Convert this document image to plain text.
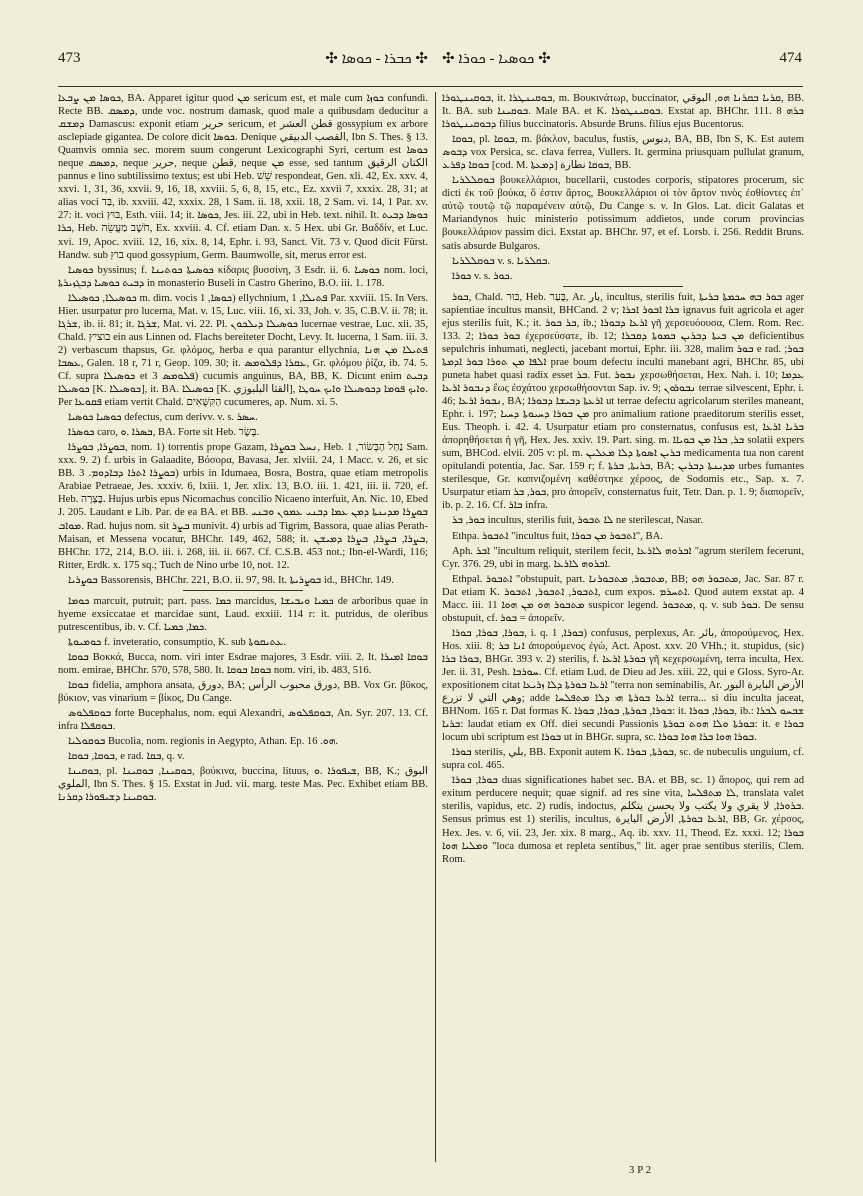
473	✣ ܟܒܪܐ - ܟܘܣܐ ✣ ✣ ܟܘܣܝܐ - ܟܘܪܐ ✣	474

ܟܘܣܐ ܡܢ ܨܒܥܐ, BA. Apparet igitur quod ܡܢ sericum est, et male cum ܟܘܙܐ confundi. Recte BB. ܕܡܣܩ, unde voc. nostrum damask, quod male a quibusdam deducitur a ܕܡܫܩ Damascus: exponit etiam حرير sericum, et قطن العشر gossypium ex arbore asclepiade gigantea. De colore dicit ܟܘܣܐ. Denique القصب الدبيقي, Ibn S. Thes. § 13. Quamvis omnia sec. morem suum congerunt Lexicographi Syri, certum est ܟܘܣܐ neque ܕܡܣܩ, neque حرير, neque قطن, neque ܡܢ esse, sed tantum الكتان الرقيق pannus e lino subtilissimo textus; est ubi Heb. שֵׁשׁ respondeat, Gen. xli. 42, Ex. xxv. 4, xxvi. 1, 31, 36, xxvii. 9, 16, 18, xxviii. 5, 6, 8, 15, etc., Ez. xxvii 7, xxxix. 28, 31; at alias voci בַּד, ib. xxviii. 42, xxxix. 28, 1 Sam. ii. 18, xxii. 18, 2 Sam. vi. 14, 1 Par. xv. 27: it. voci בּוּץ, Esth. viii. 14; it. ܟܘܣܐ, Jes. iii. 22, ubi in Heb. text. nihil. It. ܟܘܣܐ ܕܒܝܬ ܟܪܐ, Heb. חֹשֶׁב מַעֲשֵׂה, Ex. xxviii. 4. Cf. etiam Dan. x. 5 Hex. ubi Gr. Βαδδίν, et Luc. xvi. 19, Apoc. xviii. 12, 16, xix. 8, 14, Ephr. i. 93, Sanct. Vit. 73 v. Quod dicit Fürst. Handw. sub בוץ quod gossypium, Germ. Baumwolle, sit, merus error est.

ܟܘܣܝܐ byssinus; f. ܟܘܣܝܬܐ ܟܘܬܝܢܐ κίδαρις βυσσίνη, 3 Esdr. ii. 6. ܟܘܣܝܐ nom. loci, ܕܒܝܬ ܟܘܣܝܐ ܕܒܓܙܝܪܬܐ in monasterio Buseli in Castro Gherino, B.O. iii. 1. 178.

ܟܘܣܝܠܐ, ܟܘܣܝܠܐ m. dim. vocis ܟܘܣܐ, 1) ellychnium, ܦܬܝܠܐ, 1 Par. xxviii. 15. In Vers. Hier. usurpatur pro lucerna, Mat. v. 15, Luc. viii. 16, xi. 33, Joh. v. 35, C.B.V. ii. 78; it. ܫܪܓܐ, ib. ii. 81; it. ܫܪܓܐ, Mat. vi. 22. Pl. ܟܘܣܝܠܐ ܕܝܠܟܘܢ lucernae vestrae, Luc. xii. 35, Chald. בוציץ ein aus Linnen od. Flachs bereiteter Docht, Levy. It. lucerna, 1 Sam. iii. 3. 2) verbascum thapsus, Gr. φλόμος, herba e qua parantur ellychnia, ܦܬܝܠܐ ܡܢ ܗܢܐ ܥܣܒܐ, Galen. 18 r, 71 r, Geop. 109. 30; it. ܥܩܪܐ ܕܦܠܘܡܣ, Gr. φλόμου ῥίζα, ib. 74. 5. Cf. supra ܟܘܣܝܠܐ et ܦܠܘܡܣ 3) cucumis anguinus, BA, BB, K. Dicunt enim ܕܒܝܬ ܟܘܣܝܠܐ [K. ܟܘܣܝܠܐ], it. BA. ܟܘܣܝܠܐ [K. القثا البلبوزي], ܘܐܝܟ ܦܘܡܐ ܕܟܘܣܝܠܐ ܘܐܝܟ ܚܘܛܐ. Per ܦܩܘܥܐ etiam vertit Chald. הַקִּשֻּׁאִים cucumeres, ap. Num. xi. 5.

ܟܘܣܝܐ ܟܘܣܝܐ defectus, cum derivv. v. s. ܚܣܪ.

ܟܘܣܪܐ caro, ܒܣܪܐ .ܘ, BA. Forte sit Heb. בָּשָׂר.

ܒܘܨܪܐ, ܒܘܨܪܐ, nom. 1) torrentis prope Gazam, ܢܚܠ ܒܘܨܪܐ, Heb. נַחַל הַבְּשׂוֹר, 1 Sam. xxx. 9. 2) f. urbis in Galaadite, Βόσορα, Bavasa, Jer. xlviii. 24, 1 Macc. v. 26, et sic BB. ܒܘܨܪܐ ܐܬܪܐ ܕܒܐܕܘܡ. 3) urbis in Idumaea, Bosra, Bostra, quae etiam metropolis Arabiae Petraeae, Jes. xxxiv. 6, lxiii. 1, Jer. xlix. 13, B.O. iii. 1. 421, iii. ii. 720, ef. Heb. בָּצְרָה. Hujus urbis epus Nicomachus concilio Nicaeno interfuit, An. Nic. 10, Ebed J. 205. Laudant e Lib. Par. de ea BA. et BB. ܒܘܨܪܐ ܡܕܝܢܬܐ ܕܡܢ ܥܡܐ ܕܒܢܝ ܥܡܘܢ ܘܒܢܝ ܡܘܐܒ. Rad. hujus nom. sit ܒܨܪ munivit. 4) urbis ad Tigrim, Bassora, quae alias Perath-Maisan, et Messena vocatur, BHChr. 149, 462, 588; it. ܒܨܪܐ, ܒܨܪܐ, ܒܨܪܐ ܕܡܝܫܢ, BHChr. 172, 214, B.O. iii. i. 268, iii. ii. 667. Cf. C.S.B. 453 not.; Ibn-el-Wardi, 116; Ritter, Erdk. x. 175 sq.; Tuch de Nino urbe 10, not. 12.

ܒܘܨܪܝܐ Bassorensis, BHChr. 221, B.O. ii. 97, 98. It. ܒܘܨܪܝܬܐ id., BHChr. 149.

ܟܘܡܐ marcuit, putruit; part. pass. ܟܡܐ marcidus, ܟܡܝܐ ܘܝܒܝܫܐ de arboribus quae in hyeme exsiccatae et marcidae sunt, Laud. exxiii. 114 r: it. putridus, de oleribus putrescentibus, ib. v. Cf. ܟܡܐ, ܟܡܝܐ.

ܟܘܡܝܘܬܐ f. inveteratio, consumptio, K. sub ܥܬܝܩܘܬܐ.

ܒܘܩܐ Βοκκά, Bucca, nom. viri inter Esdrae majores, 3 Esdr. viii. 2. It. ܒܘܩܐ ܐܡܝܪܐ nom. emirae, BHChr. 570, 578, 580. It. ܒܘܩܐ ܒܘܩܐ nom. viri, ib. 483, 516.

ܒܘܩܐ fidelia, amphora ansata, دورق, BA; دورق محبوب الرأس, BB. Vox Gr. βῦκος, βύκιον, vas vinarium = βίκος, Du Cange.

ܒܘܩܦܠܘܣ forte Bucephalus, nom. equi Alexandri, ܒܘܩܦܠܘܣ, An. Syr. 207. 13. Cf. infra ܒܘܩܦܠܐ.

ܒܘܩܘܠܝܐ Bucolia, nom. regionis in Aegypto, Athan. Ep. ܗܘ. 16.

ܒܘܩܐ, ܒܘܩܐ, e rad. ܒܩܐ, q. v.

ܒܘܩܝܢܐ, pl. ܒܘܩܝܢܐ, ܒܘܩܝܢܐ, βούκινα, buccina, lituus, ܫܝܦܘܪܐ .ܘ, BB, K.; البوق الملوي, Ibn S. Thes. § 15. Exstat in Jud. vii. marg. teste Mas. Pec. Exhibet etiam BB. ܒܘܩܝܢܐ ܕܫܝܦܘܪܐ ܕܩܪܢܐ.

ܒܘܩܝܢܛܘܪܐ, it. ܒܘܩܝܢܛܪܐ, m. Βουκινάτωρ, buccinator, ܩܪܝܐ ܒܩܪܢܐ ܗܘ, البوقي, BB. It. BA. sub ܒܘܩܝܢܐ. Male BA. et K. ܒܘܩܝܢܛܘܪܐ. Exstat ap. BHChr. 111. 8 ܒܪܗ ܕܒܘܩܝܢܛܘܪܐ filius buccinatoris. Absurde Bruns. filius ejus Bucentorus.

ܒܘܩܐ, pl. ܒܘܩܐ, m. βάκλον, baculus, fustis, دبوس, BA, BB, Ibn S, K. Est autem ܕܒܘܣ vox Persica, sc. clava ferrea, Vullers. It. germina priusquam pullulat granum, ܒܘܩܐ ܕܦܪܥ [cod. M. ܕܡܥܬܐ] ܒܘܩܐ نطارة, BB.

ܒܘܩܠܠܪܝܐ βουκελλάριοι, bucellarii, custodes corporis, stipatores procerum, sic dicti ἐκ τοῦ βούκα, ὅ ἐστιν ἄρτος, Βουκελλάριοι οἱ τὸν ἄρτον τινὸς ἐσθίοντες ἐπ᾽ αὐτῷ τουτῷ τῷ παραμένειν αὐτῷ, Du Cange s. v. In Glos. Lat. dicit Galatas et Mariandynos huic ministerio potissimum addietos, unde corum provincias βουκελλάριον passim dici. Exstat ap. BHChr. 97, et ef. Lorsb. i. 256. Reddit Bruns. satis absurde Bulgaros.

ܒܘܩܠܠܪܝܐ v. s. ܒܩܠܪܝܐ.

ܟܘܪܐ v. s. ܟܘܪ.

ܒܘܪ, Chald. בּוּר, Heb. בָּעַר, Ar. بار, incultus, sterilis fuit, ܒܘܪ ܒܗ ܚܟܡܬܐ ܒܪܝܬܐ ager sapientiae incultus mansit, BHCand. 2 v; ܒܪܐ ܐܒܘܪ ܐܟܪܐ ignavus fuit agricola et ager ejus sterilis fuit, K.; it. ܒܪ ܒܘܪ, ib.; ܐܪܥܐ ܕܒܘܪܐ γῆ χερσευόουσα, Clem. Rom. Rec. 133. 2; ܒܘܪ ܟܘܪܐ ἐχερσεύσατε, ib. 12; ܡܢ ܒܝܬܐ ܕܒܪܝܢ ܒܡܘܬܐ ܕܩܒܪܐ deficientibus sepulchris inhumati, neglecti, jacebant mortui, Ephr. iii. 328, malim ܒܘܪ e rad. ܒܘܪ; ܐܠܦܐ ܡܢ ܬܘܪܐ ܒܘܪ ܐܕܡܬܐ prae boum defectu inculti manebant agri, BHChr. 85, ubi puneta habet quasi radix esset ܒܪ. Fut. ܢܒܘܪ χερσωθήσεται, Hex. Nah. i. 10; ܥܕܡܐ ܕܢܒܘܪ ܐܪܥܐ ἕως ἐσχάτου χερσωθήσονται Sap. iv. 9; ܢܒܘܪܘܢ terrae silvescent, Ephr. i. 46; ܢܒܘܪ ܐܪܥܐ, BA; ܐܪܥܬܐ ܕܒܝܫܐ ܕܒܘܪܐ ut terrae defectu agricolarum steriles maneant, Ephr. i. 197; ܡܢ ܒܘܪܐ ܕܚܝܘܬܐ ܕܚܝܐ pro animalium ratione praeditorum sterilis esset, Eus. Theoph. i. 42. 4. Usurpatur etiam pro consternatus, confusus est, ܒܪܝܐ ܐܪܥܐ ἀπορηθήσεται ἡ γῆ, Hex. Jes. xxiv. 19. Part. sing. m. ܒܪ, ܒܪܐ ܡܢ ܒܘܝܐܐ solatii expers sum, BHCod. elvii. 205 v: pl. m. ܒܪܝܢ ܐܣܘܬܐ ܕܠܐ ܡܥܠܝܢ medicamenta tua non carent opitulandi potentia, Jac. Sar. 159 r; f. ܒܪܝܬܐ, ܒܪܬܐ, BA; ܡܕܝܢܬܐ ܕܒܪܝܢ urbes fumantes sterilesque, Gr. καπνιζομένη καθέστηκε χέρσος, de Sodomis etc., Sap. x. 7. Usurpatur etiam ܒܘܪ, ܒܪ, pro ἀπορεῖν, consternatus fuit, Tetr. Dan. p. 1. 9; διαπορεῖν, ib. p. 2. 16. Cf. ܒܐܪ infra.

ܒܘܪ, ܒܪ incultus, sterilis fuit, ܠܐ ܬܒܘܪ ne sterilescat, Nasar.

Ethpa. ܐܬܒܘܪ "incultus fuit, ܐܬܒܘܪ ܡܢ ܒܘܪܐ", BA.

Aph. ܐܒܪ "incultum reliquit, sterilem fecit, ܐܒܪܘܗ ܠܐܪܥܐ "agrum sterilem fecerunt, Cyr. 376. 29, ubi in marg. ܐܒܪܘܗ ܠܐܪܥܐ.

Ethpal. ܐܬܒܘܪ "obstupuit, part. ܡܬܒܘܪ, ܡܬܒܘܪܢܐ, BB; ܡܬܒܘܪ ܗܘ, Jac. Sar. 87 r. Dat etiam K. ܐܬܒܘܪ, ܐܬܒܘܪ, ܐܬܒܘܪ, cum expos. ܐܬܚܪܡ. Quod autem exstat ap. 4 Macc. iii. 11 ܡܬܒܘܪ ܗܘ ܡܢ ܗܘܐ suspicor legend. ܡܬܒܘܪ, q. v. sub ܒܘܪ. De sensu obstupuit, cf. ܒܘܪ = ἀπορεῖν.

ܒܘܪܐ, ܒܘܪܐ, ܒܘܪܐ, i. q. ܒܘܪܐ, 1) confusus, perplexus, Ar. بائر, ἀπορούμενος, Hex. Hos. xiii. 8; ܐܢܐ ܒܪ ἀπορούμενος ἐγώ, Act. Apost. xxv. 20 VHh.; it. stupidus, (sic) ܒܘܪܐ ܒܪܐ, BHGr. 393 v. 2) sterilis, f. ܒܘܪܬܐ ܐܪܥܐ γῆ κεχερσωμένη, terra inculta, Hex. Jer. ii. 31, Pesh. ܚܘܪܒܐ. Cf. etiam Lud. de Dieu ad Jes. xiii. 22, qui e Gloss. Syro-Ar. expositionem citat ܐܪܥܐ ܒܘܪܬܐ ܕܠܐ ܙܪܝܥܐ "terra non seminabilis, Ar. الأرض البايرة البور وهي التي لا تزرع; adde ܐܪܥܐ ܒܘܪܬܐ ܗܝ ܕܠܐ ܡܬܦܠܚܐ terra... si diu inculta jaceat, BHNom. 165 r. Dat formas K. ܒܘܪܐ, ܒܘܪܬܐ, ܒܘܪܐ, ܒܘܪܐ: it. ܒܘܪܐ, ܒܘܪܐ, ib.: ܫܒܚܘ ܠܒܪܐ ܒܪܝܐ: laudat etiam ex Off. diei secundi Passionis ܒܘܪܬܐ ܘܠܐ ܗܘܬ ܒܘܪܬܐ: it. e ܒܘܪܐ locum ubi scriptum est ܒܘܪܐ ut in BHGr. supra, sc. ܒܘܪܐ ܗܘܐ ܒܪܐ ܗܘܐ ܒܘܪܐ.

ܒܘܪܐ sterilis, بلي, BB. Exponit autem K. ܒܘܪܬܐ, ܒܘܪܐ, sc. de nubeculis unguium, cf. supra col. 465.

ܒܘܪܐ, ܒܘܪܐ duas significationes habet sec. BA. et BB, sc. 1) ἄπορος, qui rem ad exitum perducere nequit; quae signif. ad res sine vita, ܠܐ ܡܬܦܠܚܐ, translata valet sterilis, vapidus, etc. 2) rudis, indoctus, ܒܪܘܪܐ, لا يقري ولا يكتب ولا يحسن يتكلم. Sensus primus est 1) sterilis, incultus, ܐܪܥܐ ܒܘܪܬܐ, الأرض البايرة, BB, Gr. χέρσος, Hex. Jes. v. 6, vii. 23, Jer. xix. 8 marg., Aq. ib. xxv. 11, Theod. Ez. xxxi. 12; ܒܘܪܐ ܘܡܠܝܐ ܗܘܐ "loca dumosa et repleta sentibus," lit. ager prae sentibus sterilis, Clem. Rom.

3 P 2
